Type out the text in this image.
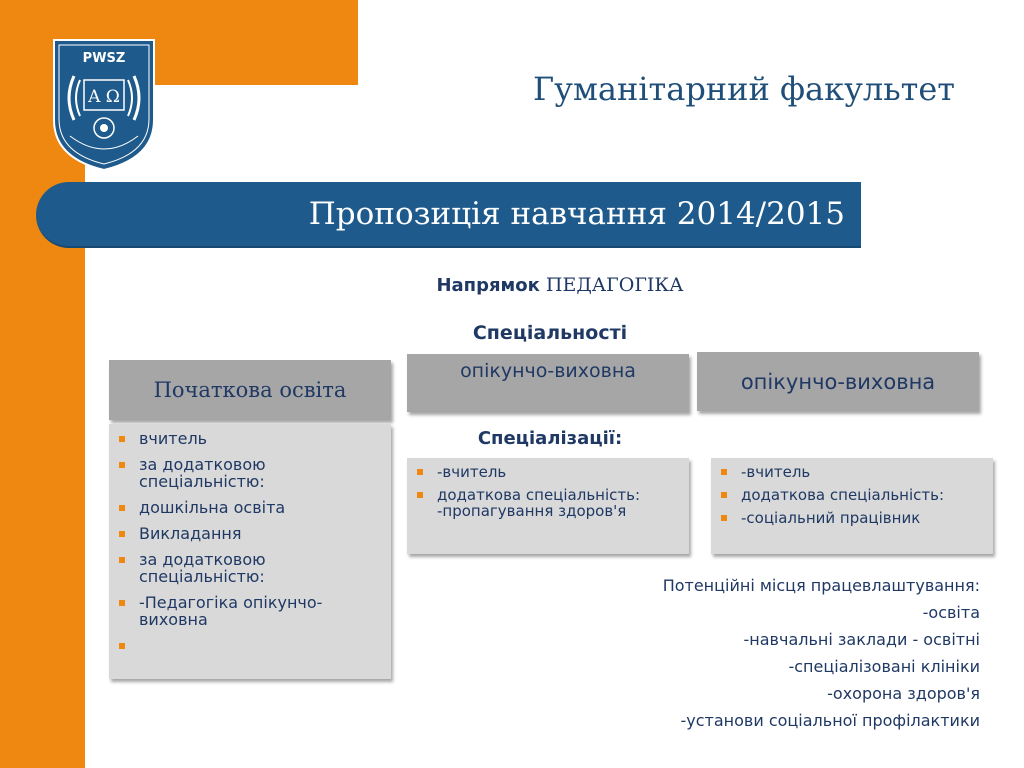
PWSZ
A Ω	Гуманітарний факультет
Пропозиція навчання 2014/2015
Напрямок ПЕДАГОГІКА
Спеціальності
Початкова освіта
опікунчо-виховна	опікунчо-виховна
Спеціалізації:
вчитель
за додатковою спеціальністю:
дошкільна освіта
Викладання
за додатковою спеціальністю:
-Педагогіка опікунчо-виховна

-вчитель
додаткова спеціальність: -пропагування здоров'я
-вчитель
додаткова спеціальність:
-соціальний працівник
Потенційні місця працевлаштування:
-освіта
-навчальні заклади - освітні
-спеціалізовані клініки
-охорона здоров'я
-установи соціальної профілактики
